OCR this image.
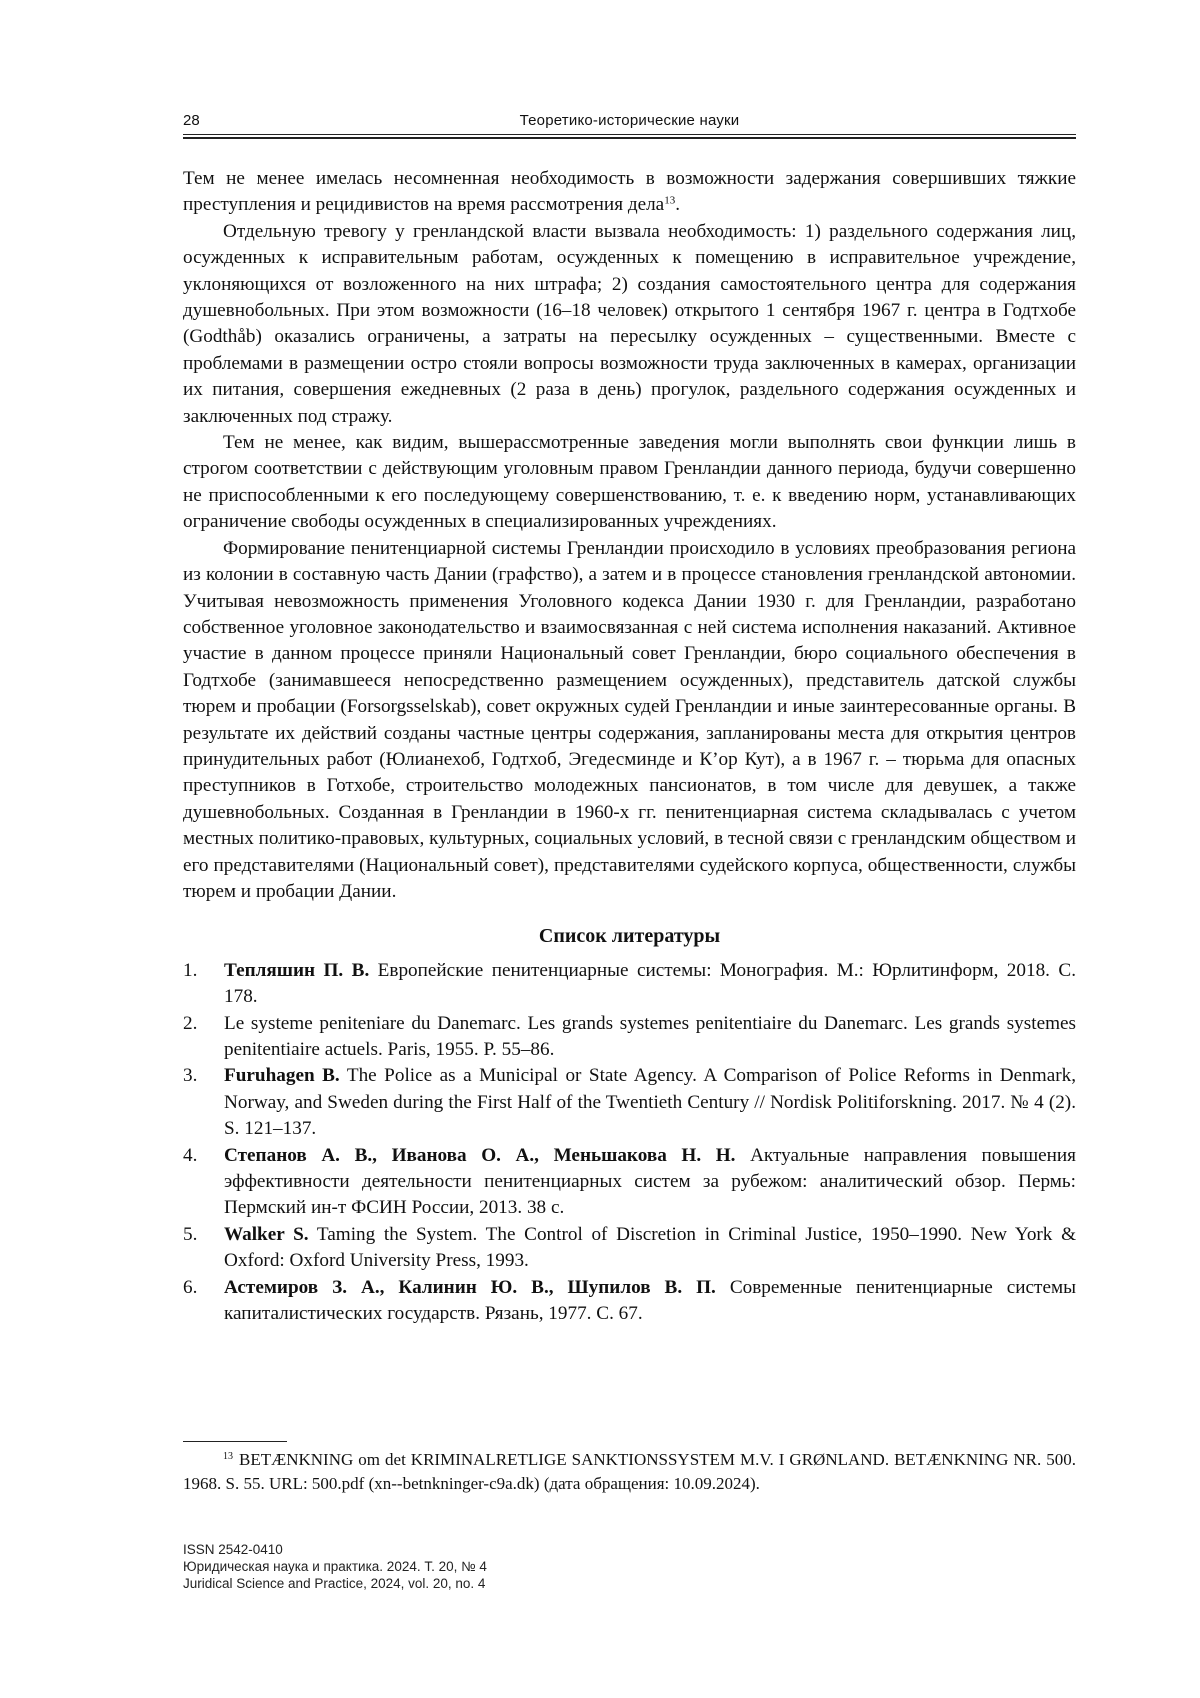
28	Теоретико-исторические науки

Тем не менее имелась несомненная необходимость в возможности задержания совершивших тяжкие преступления и рецидивистов на время рассмотрения дела$^{13}$.

Отдельную тревогу у гренландской власти вызвала необходимость: 1) раздельного содержания лиц, осужденных к исправительным работам, осужденных к помещению в исправительное учреждение, уклоняющихся от возложенного на них штрафа; 2) создания самостоятельного центра для содержания душевнобольных. При этом возможности (16–18 человек) открытого 1 сентября 1967 г. центра в Годтхобе (Godthåb) оказались ограничены, а затраты на пересылку осужденных – существенными. Вместе с проблемами в размещении остро стояли вопросы возможности труда заключенных в камерах, организации их питания, совершения ежедневных (2 раза в день) прогулок, раздельного содержания осужденных и заключенных под стражу.

Тем не менее, как видим, вышерассмотренные заведения могли выполнять свои функции лишь в строгом соответствии с действующим уголовным правом Гренландии данного периода, будучи совершенно не приспособленными к его последующему совершенствованию, т. е. к введению норм, устанавливающих ограничение свободы осужденных в специализированных учреждениях.

Формирование пенитенциарной системы Гренландии происходило в условиях преобразования региона из колонии в составную часть Дании (графство), а затем и в процессе становления гренландской автономии. Учитывая невозможность применения Уголовного кодекса Дании 1930 г. для Гренландии, разработано собственное уголовное законодательство и взаимосвязанная с ней система исполнения наказаний. Активное участие в данном процессе приняли Национальный совет Гренландии, бюро социального обеспечения в Годтхобе (занимавшееся непосредственно размещением осужденных), представитель датской службы тюрем и пробации (Forsorgsselskab), совет окружных судей Гренландии и иные заинтересованные органы. В результате их действий созданы частные центры содержания, запланированы места для открытия центров принудительных работ (Юлианехоб, Годтхоб, Эгедесминде и К’ор Кут), а в 1967 г. – тюрьма для опасных преступников в Готхобе, строительство молодежных пансионатов, в том числе для девушек, а также душевнобольных. Созданная в Гренландии в 1960-х гг. пенитенциарная система складывалась с учетом местных политико-правовых, культурных, социальных условий, в тесной связи с гренландским обществом и его представителями (Национальный совет), представителями судейского корпуса, общественности, службы тюрем и пробации Дании.

Список литературы
1. Тепляшин П. В. Европейские пенитенциарные системы: Монография. М.: Юрлитинформ, 2018. С. 178.
2. Le systeme peniteniare du Danemarc. Les grands systemes penitentiaire du Danemarc. Les grands systemes penitentiaire actuels. Paris, 1955. P. 55–86.
3. Furuhagen B. The Police as a Municipal or State Agency. A Comparison of Police Reforms in Denmark, Norway, and Sweden during the First Half of the Twentieth Century // Nordisk Politiforskning. 2017. № 4 (2). S. 121–137.
4. Степанов А. В., Иванова О. А., Меньшакова Н. Н. Актуальные направления повышения эффективности деятельности пенитенциарных систем за рубежом: аналитический обзор. Пермь: Пермский ин-т ФСИН России, 2013. 38 с.
5. Walker S. Taming the System. The Control of Discretion in Criminal Justice, 1950–1990. New York & Oxford: Oxford University Press, 1993.
6. Астемиров З. А., Калинин Ю. В., Шупилов В. П. Современные пенитенциарные системы капиталистических государств. Рязань, 1977. С. 67.
$^{13}$ BETÆNKNING om det KRIMINALRETLIGE SANKTIONSSYSTEM M.V. I GRØNLAND. BETÆNKNING NR. 500. 1968. S. 55. URL: 500.pdf (xn--betnkninger-c9a.dk) (дата обращения: 10.09.2024).
ISSN 2542-0410
Юридическая наука и практика. 2024. Т. 20, № 4
Juridical Science and Practice, 2024, vol. 20, no. 4
